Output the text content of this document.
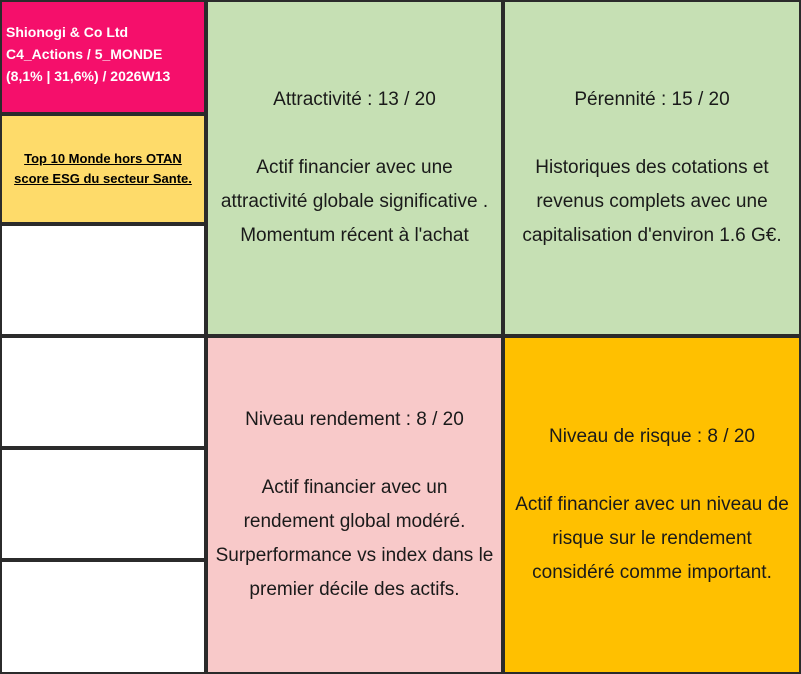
Shionogi & Co Ltd
C4_Actions / 5_MONDE
(8,1% | 31,6%) / 2026W13
Top 10 Monde hors OTAN
score ESG du secteur Sante.
Attractivité : 13 / 20
Actif financier avec une
attractivité globale significative .
Momentum récent à l'achat
Pérennité : 15 / 20
Historiques des cotations et
revenus complets avec une
capitalisation d'environ 1.6 G€.
Niveau rendement : 8 / 20
Actif financier avec un
rendement global modéré.
Surperformance vs index dans le
premier décile des actifs.
Niveau de risque : 8 / 20
Actif financier avec un niveau de
risque sur le rendement
considéré comme important.
